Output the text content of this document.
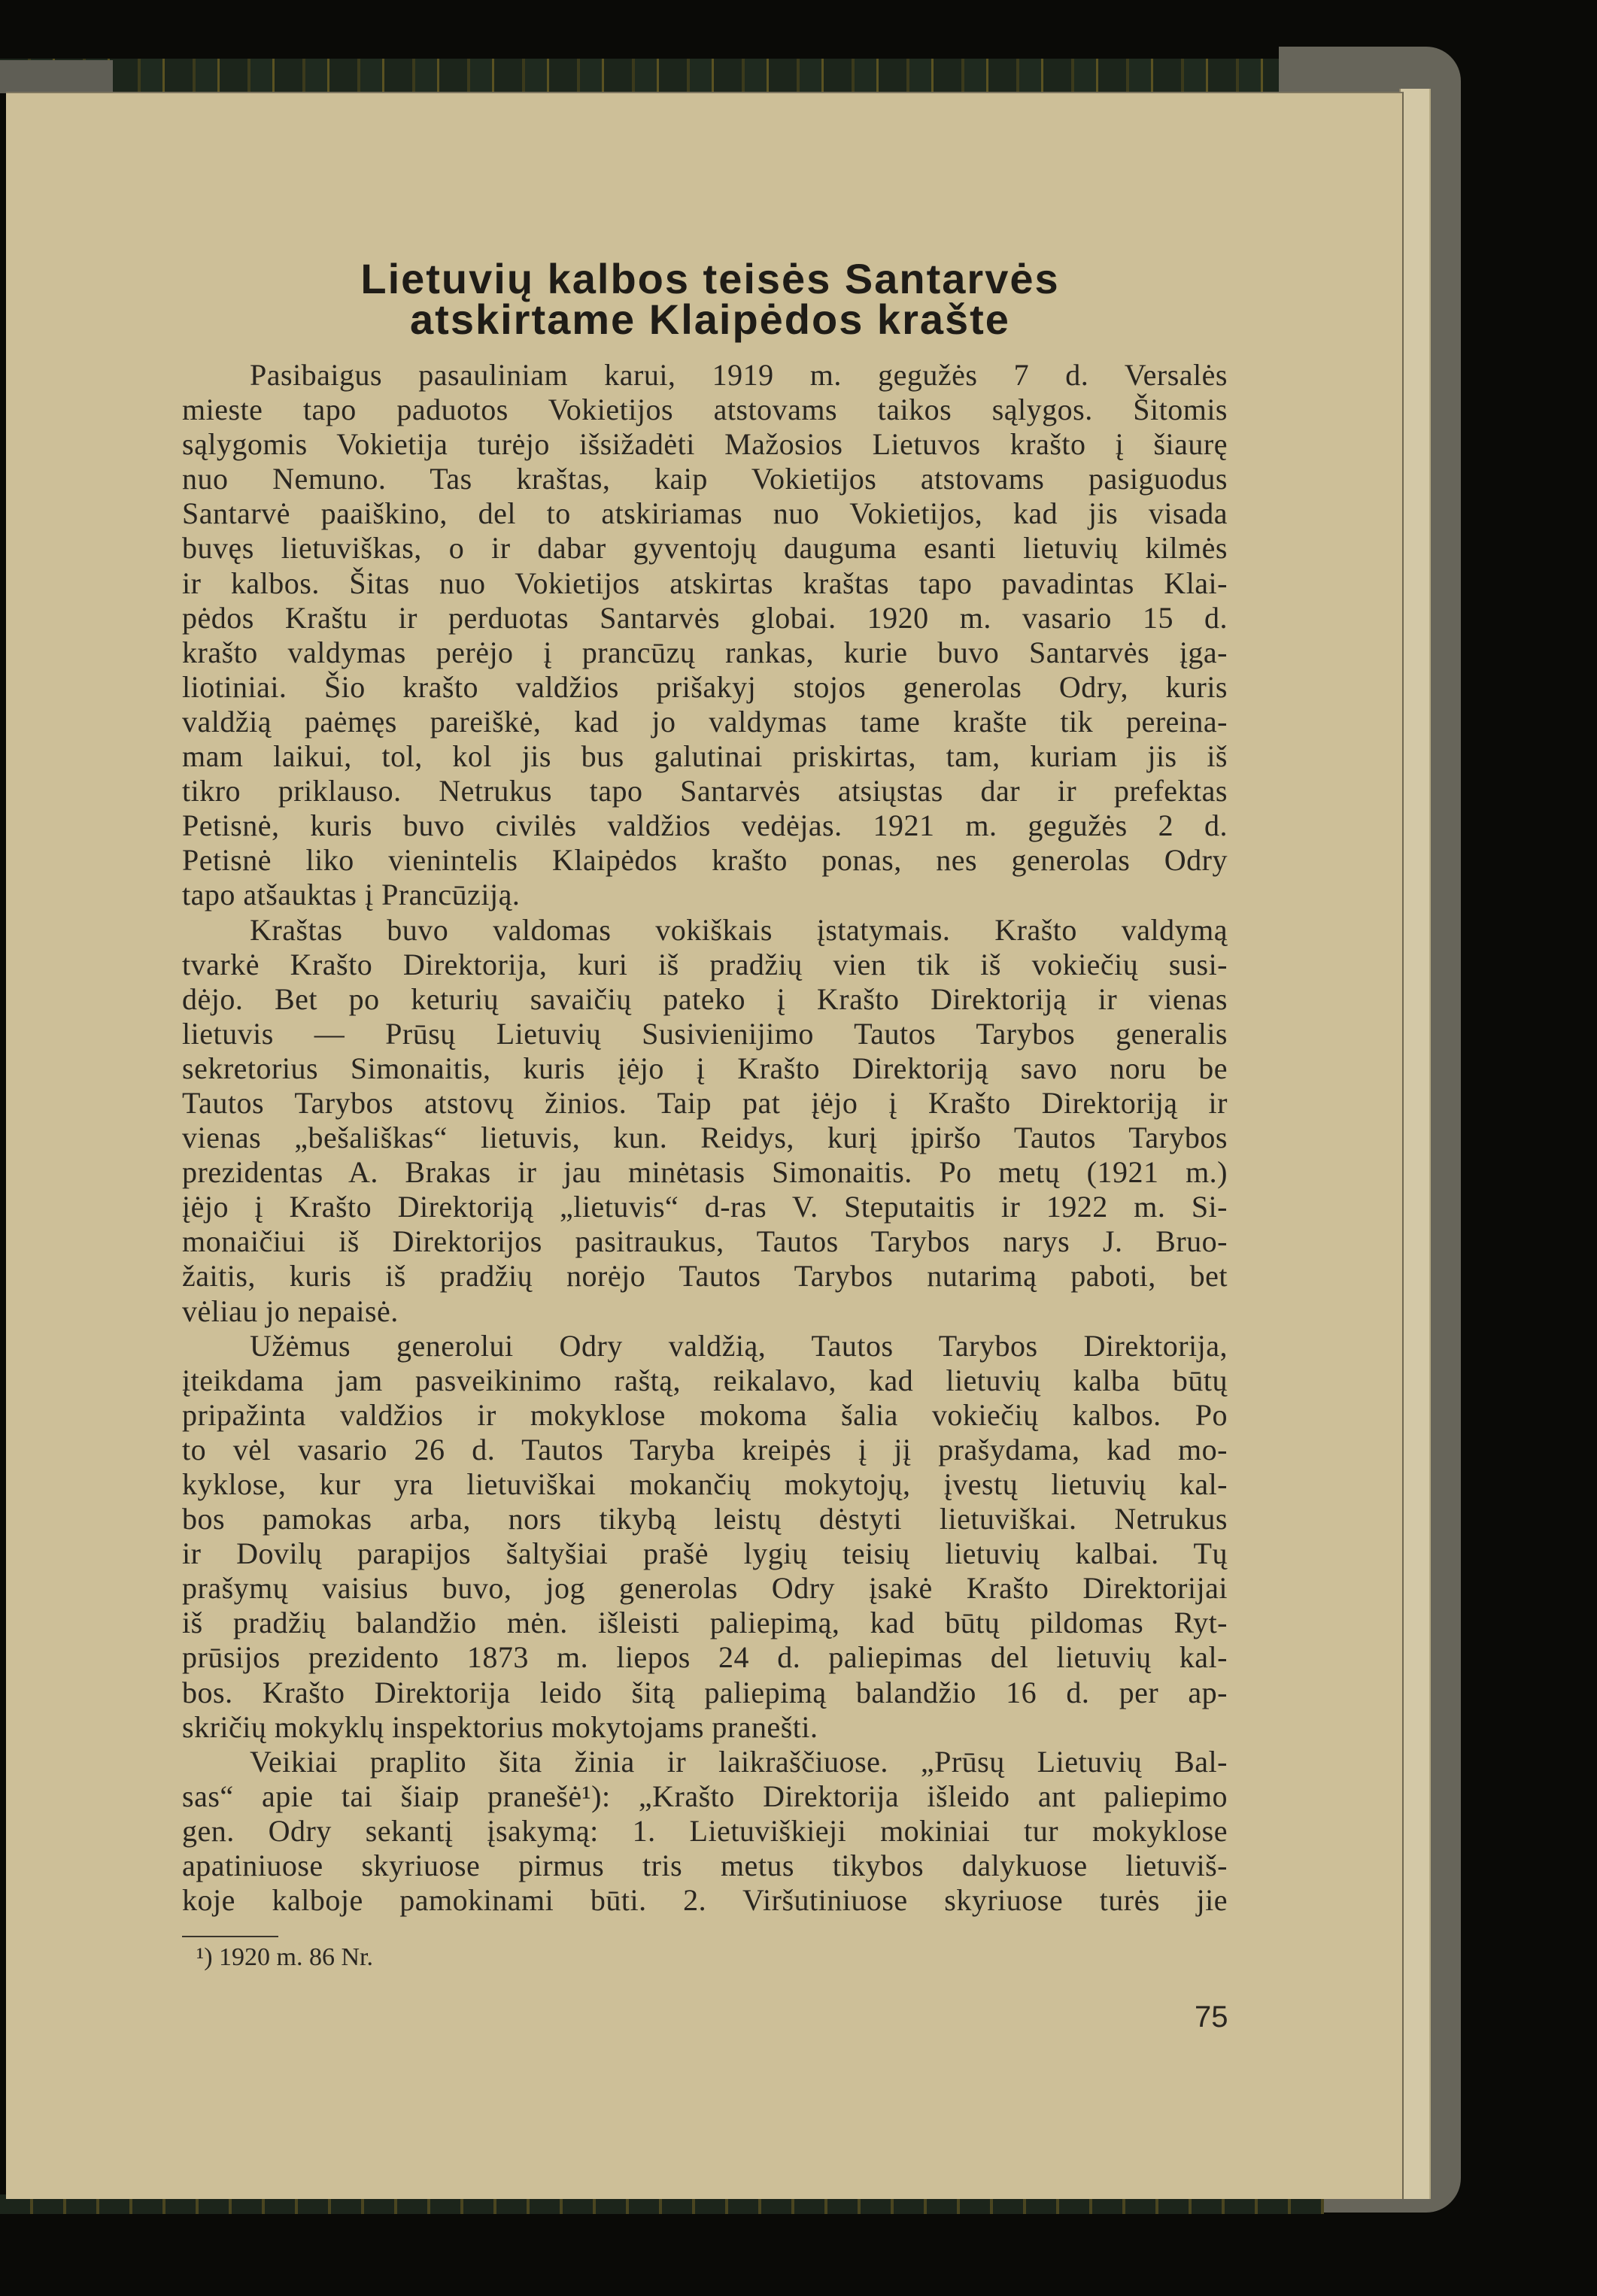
Lietuvių kalbos teisės Santarvės
atskirtame Klaipėdos krašte
Pasibaigus pasauliniam karui, 1919 m. gegužės 7 d. Versalės
mieste tapo paduotos Vokietijos atstovams taikos sąlygos. Šitomis
sąlygomis Vokietija turėjo išsižadėti Mažosios Lietuvos krašto į šiaurę
nuo Nemuno. Tas kraštas, kaip Vokietijos atstovams pasiguodus
Santarvė paaiškino, del to atskiriamas nuo Vokietijos, kad jis visada
buvęs lietuviškas, o ir dabar gyventojų dauguma esanti lietuvių kilmės
ir kalbos. Šitas nuo Vokietijos atskirtas kraštas tapo pavadintas Klai-
pėdos Kraštu ir perduotas Santarvės globai. 1920 m. vasario 15 d.
krašto valdymas perėjo į prancūzų rankas, kurie buvo Santarvės įga-
liotiniai. Šio krašto valdžios prišakyj stojos generolas Odry, kuris
valdžią paėmęs pareiškė, kad jo valdymas tame krašte tik pereina-
mam laikui, tol, kol jis bus galutinai priskirtas, tam, kuriam jis iš
tikro priklauso. Netrukus tapo Santarvės atsiųstas dar ir prefektas
Petisnė, kuris buvo civilės valdžios vedėjas. 1921 m. gegužės 2 d.
Petisnė liko vienintelis Klaipėdos krašto ponas, nes generolas Odry
tapo atšauktas į Prancūziją.
Kraštas buvo valdomas vokiškais įstatymais. Krašto valdymą
tvarkė Krašto Direktorija, kuri iš pradžių vien tik iš vokiečių susi-
dėjo. Bet po keturių savaičių pateko į Krašto Direktoriją ir vienas
lietuvis — Prūsų Lietuvių Susivienijimo Tautos Tarybos generalis
sekretorius Simonaitis, kuris įėjo į Krašto Direktoriją savo noru be
Tautos Tarybos atstovų žinios. Taip pat įėjo į Krašto Direktoriją ir
vienas „bešališkas“ lietuvis, kun. Reidys, kurį įpiršo Tautos Tarybos
prezidentas A. Brakas ir jau minėtasis Simonaitis. Po metų (1921 m.)
įėjo į Krašto Direktoriją „lietuvis“ d-ras V. Steputaitis ir 1922 m. Si-
monaičiui iš Direktorijos pasitraukus, Tautos Tarybos narys J. Bruo-
žaitis, kuris iš pradžių norėjo Tautos Tarybos nutarimą paboti, bet
vėliau jo nepaisė.
Užėmus generolui Odry valdžią, Tautos Tarybos Direktorija,
įteikdama jam pasveikinimo raštą, reikalavo, kad lietuvių kalba būtų
pripažinta valdžios ir mokyklose mokoma šalia vokiečių kalbos. Po
to vėl vasario 26 d. Tautos Taryba kreipės į jį prašydama, kad mo-
kyklose, kur yra lietuviškai mokančių mokytojų, įvestų lietuvių kal-
bos pamokas arba, nors tikybą leistų dėstyti lietuviškai. Netrukus
ir Dovilų parapijos šaltyšiai prašė lygių teisių lietuvių kalbai. Tų
prašymų vaisius buvo, jog generolas Odry įsakė Krašto Direktorijai
iš pradžių balandžio mėn. išleisti paliepimą, kad būtų pildomas Ryt-
prūsijos prezidento 1873 m. liepos 24 d. paliepimas del lietuvių kal-
bos. Krašto Direktorija leido šitą paliepimą balandžio 16 d. per ap-
skričių mokyklų inspektorius mokytojams pranešti.
Veikiai praplito šita žinia ir laikraščiuose. „Prūsų Lietuvių Bal-
sas“ apie tai šiaip pranešė¹): „Krašto Direktorija išleido ant paliepimo
gen. Odry sekantį įsakymą: 1. Lietuviškieji mokiniai tur mokyklose
apatiniuose skyriuose pirmus tris metus tikybos dalykuose lietuviš-
koje kalboje pamokinami būti. 2. Viršutiniuose skyriuose turės jie
¹) 1920 m. 86 Nr.
75
